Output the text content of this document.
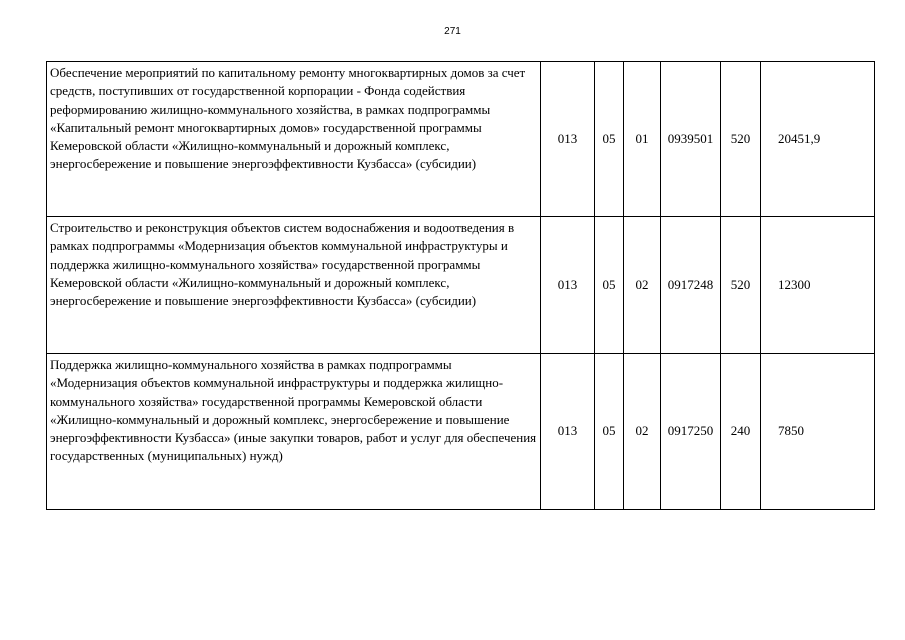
271
Обеспечение мероприятий по капитальному ремонту многоквартирных домов за счет средств, поступивших от государственной корпорации - Фонда содействия реформированию жилищно-коммунального хозяйства, в рамках подпрограммы «Капитальный ремонт многоквартирных домов» государственной программы Кемеровской области «Жилищно-коммунальный и дорожный комплекс, энергосбережение и повышение энергоэффективности Кузбасса» (субсидии)	013	05	01	0939501	520	20451,9
Строительство и реконструкция объектов систем водоснабжения и водоотведения в рамках подпрограммы «Модернизация объектов коммунальной инфраструктуры и поддержка жилищно-коммунального хозяйства» государственной программы Кемеровской области «Жилищно-коммунальный и дорожный комплекс, энергосбережение и повышение энергоэффективности Кузбасса» (субсидии)	013	05	02	0917248	520	12300
Поддержка жилищно-коммунального хозяйства в рамках подпрограммы «Модернизация объектов коммунальной инфраструктуры и поддержка жилищно-коммунального хозяйства» государственной программы Кемеровской области «Жилищно-коммунальный и дорожный комплекс, энергосбережение и повышение энергоэффективности Кузбасса» (иные закупки товаров, работ и услуг для обеспечения государственных (муниципальных) нужд)	013	05	02	0917250	240	7850
